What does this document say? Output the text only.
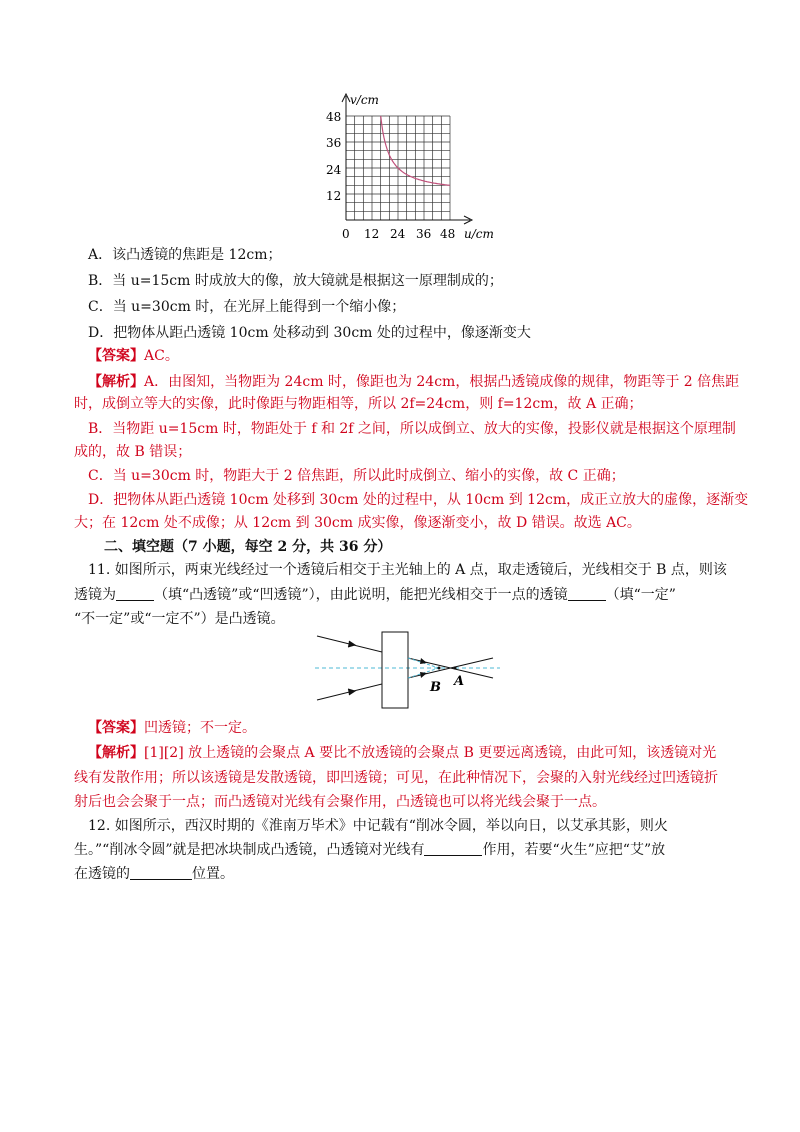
v/cm
u/cm
12
24
36
48
0 12 24 36 48
A．该凸透镜的焦距是 12cm；
B．当 u=15cm 时成放大的像，放大镜就是根据这一原理制成的；
C．当 u=30cm 时，在光屏上能得到一个缩小像；
D．把物体从距凸透镜 10cm 处移动到 30cm 处的过程中，像逐渐变大
【答案】AC。
【解析】A．由图知，当物距为 24cm 时，像距也为 24cm，根据凸透镜成像的规律，物距等于 2 倍焦距
时，成倒立等大的实像，此时像距与物距相等，所以 2f=24cm，则 f=12cm，故 A 正确；
B．当物距 u=15cm 时，物距处于 f 和 2f 之间，所以成倒立、放大的实像，投影仪就是根据这个原理制
成的，故 B 错误；
C．当 u=30cm 时，物距大于 2 倍焦距，所以此时成倒立、缩小的实像，故 C 正确；
D．把物体从距凸透镜 10cm 处移到 30cm 处的过程中，从 10cm 到 12cm，成正立放大的虚像，逐渐变
大；在 12cm 处不成像；从 12cm 到 30cm 成实像，像逐渐变小，故 D 错误。故选 AC。
二、填空题（7 小题，每空 2 分，共 36 分）
11. 如图所示，两束光线经过一个透镜后相交于主光轴上的 A 点，取走透镜后，光线相交于 B 点，则该
透镜为	（填“凸透镜”或“凹透镜”），由此说明，能把光线相交于一点的透镜	（填“一定”
“不一定”或“一定不”）是凸透镜。
B A
【答案】凹透镜；不一定。
【解析】[1][2] 放上透镜的会聚点 A 要比不放透镜的会聚点 B 更要远离透镜，由此可知，该透镜对光
线有发散作用；所以该透镜是发散透镜，即凹透镜；可见，在此种情况下，会聚的入射光线经过凹透镜折
射后也会会聚于一点；而凸透镜对光线有会聚作用，凸透镜也可以将光线会聚于一点。
12. 如图所示，西汉时期的《淮南万毕术》中记载有“削冰令圆，举以向日，以艾承其影，则火
生。”“削冰令圆”就是把冰块制成凸透镜，凸透镜对光线有	作用，若要“火生”应把“艾”放
在透镜的	位置。
